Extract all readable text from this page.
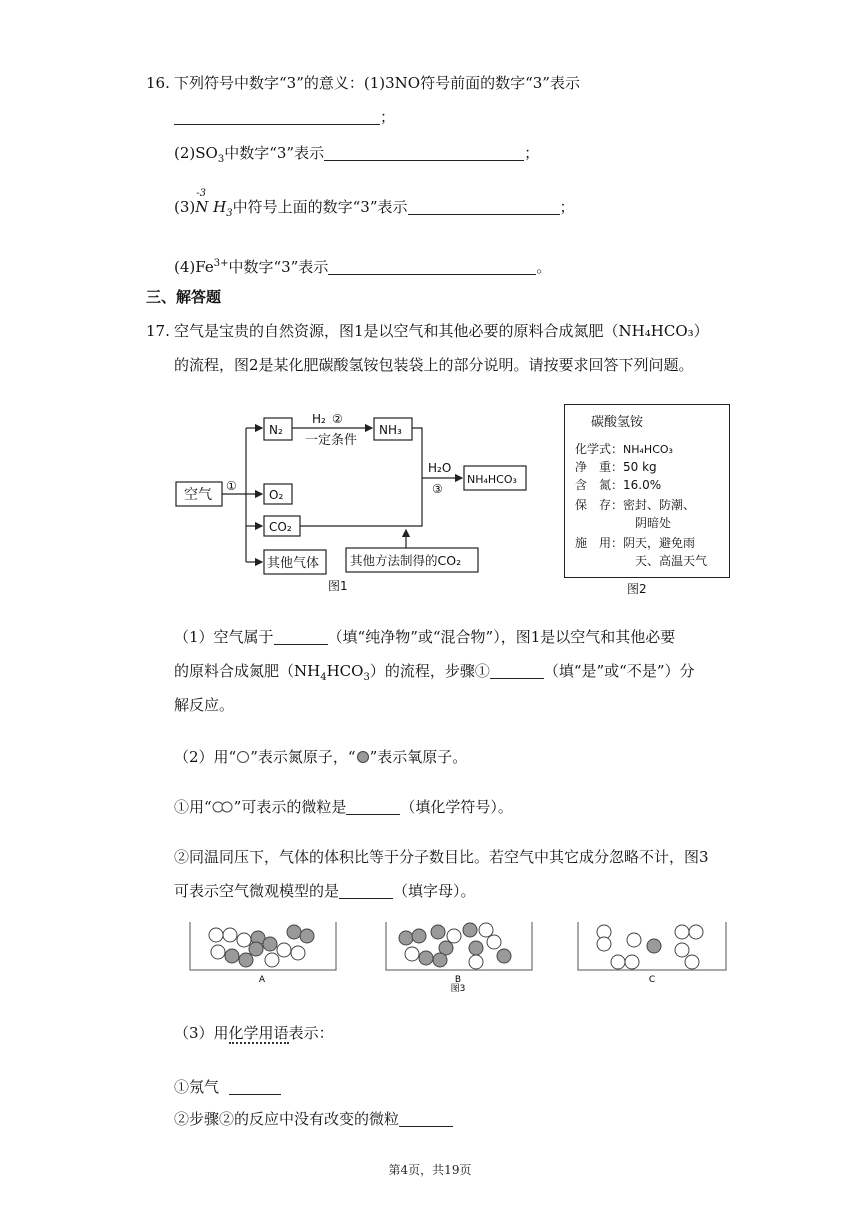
16. 下列符号中数字“3”的意义：(1)3NO符号前面的数字“3”表示
；
$(2)SO_3$中数字“3”表示	；
(3)
-3
N $H_3$中符号上面的数字“3”表示	；
$(4)Fe^{3+}$中数字“3”表示	。
三、解答题
17. 空气是宝贵的自然资源，图1是以空气和其他必要的原料合成氮肥（NH₄HCO₃）
的流程，图2是某化肥碳酸氢铵包装袋上的部分说明。请按要求回答下列问题。
空气
①
N₂
O₂
CO₂
其他气体
H₂ ②
一定条件
NH₃
H₂O
③
NH₄HCO₃
其他方法制得的CO₂
图1
碳酸氢铵
化学式：NH₄HCO₃
净　重：50 kg
含　氮：16.0%
保　存：密封、防潮、
阴暗处
施　用：阴天，避免雨
天、高温天气
图2
（1）空气属于	（填“纯净物”或“混合物”），图1是以空气和其他必要
的原料合成氮肥$(NH_4HCO_3)$的流程，步骤①	（填“是”或“不是”）分
解反应。
（2）用“ ”表示氮原子，“ ”表示氧原子。
①用“ ”可表示的微粒是	（填化学符号）。
②同温同压下，气体的体积比等于分子数目比。若空气中其它成分忽略不计，图3
可表示空气微观模型的是	（填字母）。
A	B
图3
C
（3）用化学用语表示：
①氖气
②步骤②的反应中没有改变的微粒
第4页，共19页
